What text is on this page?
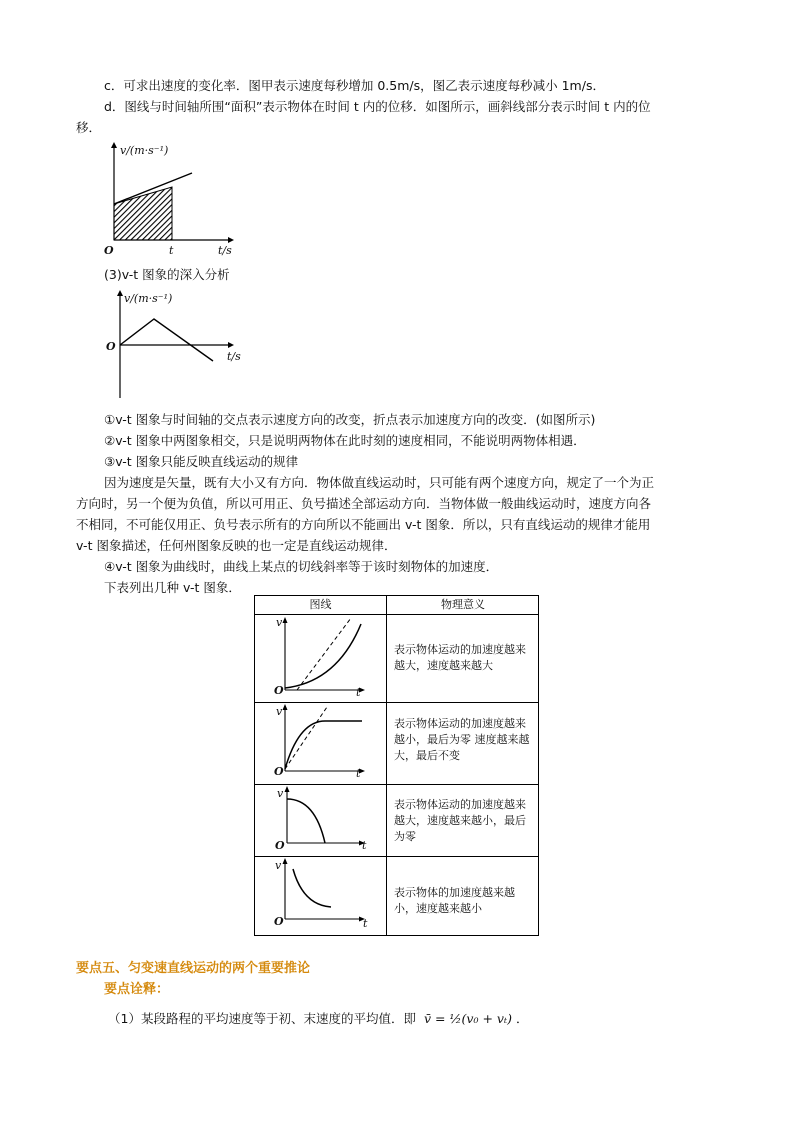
c．可求出速度的变化率．图甲表示速度每秒增加 0.5m/s，图乙表示速度每秒减小 1m/s．
d．图线与时间轴所围“面积”表示物体在时间 t 内的位移．如图所示，画斜线部分表示时间 t 内的位
移．
v/(m·s⁻¹)
t/s
O	t
(3)v-t 图象的深入分析
v/(m·s⁻¹)
t/s
O
①v-t 图象与时间轴的交点表示速度方向的改变，折点表示加速度方向的改变．(如图所示)
②v-t 图象中两图象相交，只是说明两物体在此时刻的速度相同，不能说明两物体相遇．
③v-t 图象只能反映直线运动的规律
因为速度是矢量，既有大小又有方向．物体做直线运动时，只可能有两个速度方向，规定了一个为正
方向时，另一个便为负值，所以可用正、负号描述全部运动方向．当物体做一般曲线运动时，速度方向各
不相同，不可能仅用正、负号表示所有的方向所以不能画出 v-t 图象．所以，只有直线运动的规律才能用
v-t 图象描述，任何州图象反映的也一定是直线运动规律．
④v-t 图象为曲线时，曲线上某点的切线斜率等于该时刻物体的加速度．
下表列出几种 v-t 图象．
图线	物理意义
v
t
O
表示物体运动的加速度越来越大，速度越来越大
v
t
O
表示物体运动的加速度越来越小，最后为零 速度越来越大，最后不变
v
t
O
表示物体运动的加速度越来越大，速度越来越小，最后为零
v
t
O
表示物体的加速度越来越小，速度越来越小
要点五、匀变速直线运动的两个重要推论
要点诠释：
（1）某段路程的平均速度等于初、末速度的平均值．即 v̄ = ½(v₀ + vₜ) ．
